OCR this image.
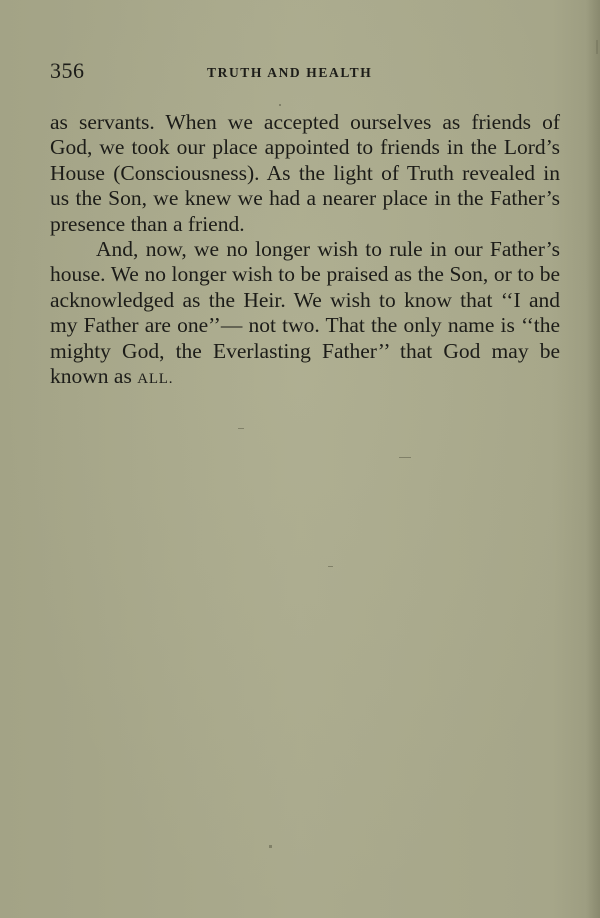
356	TRUTH AND HEALTH

as servants. When we accepted ourselves as friends of God, we took our place appointed to friends in the Lord’s House (Consciousness). As the light of Truth revealed in us the Son, we knew we had a nearer place in the Father’s presence than a friend.

And, now, we no longer wish to rule in our Father’s house. We no longer wish to be praised as the Son, or to be acknowledged as the Heir. We wish to know that ‘‘I and my Father are one’’— not two. That the only name is ‘‘the mighty God, the Everlasting Father’’ that God may be known as ALL.
